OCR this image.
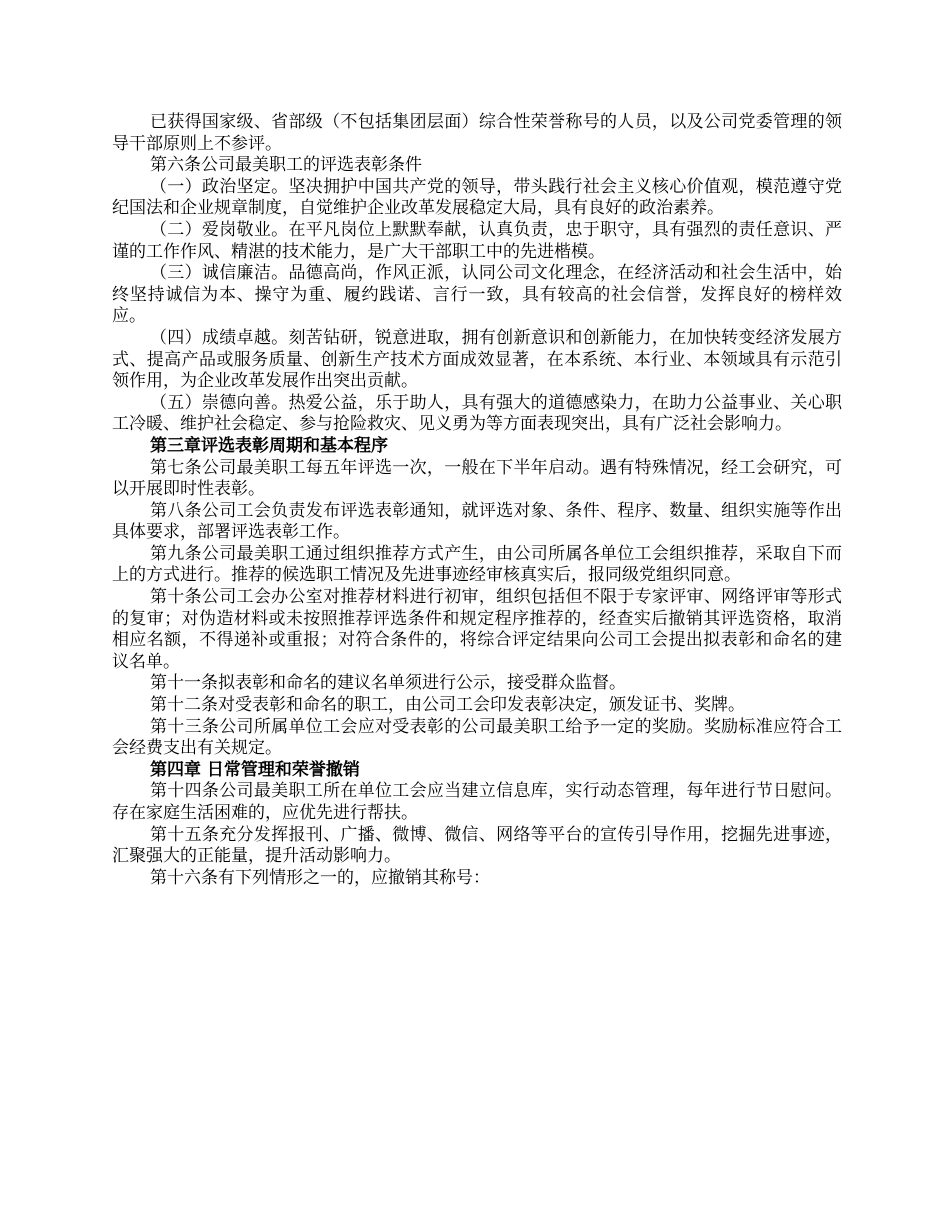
已获得国家级、省部级（不包括集团层面）综合性荣誉称号的人员，以及公司党委管理的领导干部原则上不参评。

第六条公司最美职工的评选表彰条件

（一）政治坚定。坚决拥护中国共产党的领导，带头践行社会主义核心价值观，模范遵守党纪国法和企业规章制度，自觉维护企业改革发展稳定大局，具有良好的政治素养。

（二）爱岗敬业。在平凡岗位上默默奉献，认真负责，忠于职守，具有强烈的责任意识、严谨的工作作风、精湛的技术能力，是广大干部职工中的先进楷模。

（三）诚信廉洁。品德高尚，作风正派，认同公司文化理念，在经济活动和社会生活中，始终坚持诚信为本、操守为重、履约践诺、言行一致，具有较高的社会信誉，发挥良好的榜样效应。

（四）成绩卓越。刻苦钻研，锐意进取，拥有创新意识和创新能力，在加快转变经济发展方式、提高产品或服务质量、创新生产技术方面成效显著，在本系统、本行业、本领域具有示范引领作用，为企业改革发展作出突出贡献。

（五）崇德向善。热爱公益，乐于助人，具有强大的道德感染力，在助力公益事业、关心职工冷暖、维护社会稳定、参与抢险救灾、见义勇为等方面表现突出，具有广泛社会影响力。

第三章评选表彰周期和基本程序

第七条公司最美职工每五年评选一次，一般在下半年启动。遇有特殊情况，经工会研究，可以开展即时性表彰。

第八条公司工会负责发布评选表彰通知，就评选对象、条件、程序、数量、组织实施等作出具体要求，部署评选表彰工作。

第九条公司最美职工通过组织推荐方式产生，由公司所属各单位工会组织推荐，采取自下而上的方式进行。推荐的候选职工情况及先进事迹经审核真实后，报同级党组织同意。

第十条公司工会办公室对推荐材料进行初审，组织包括但不限于专家评审、网络评审等形式的复审；对伪造材料或未按照推荐评选条件和规定程序推荐的，经查实后撤销其评选资格，取消相应名额，不得递补或重报；对符合条件的，将综合评定结果向公司工会提出拟表彰和命名的建议名单。

第十一条拟表彰和命名的建议名单须进行公示，接受群众监督。

第十二条对受表彰和命名的职工，由公司工会印发表彰决定，颁发证书、奖牌。

第十三条公司所属单位工会应对受表彰的公司最美职工给予一定的奖励。奖励标准应符合工会经费支出有关规定。

第四章 日常管理和荣誉撤销

第十四条公司最美职工所在单位工会应当建立信息库，实行动态管理，每年进行节日慰问。存在家庭生活困难的，应优先进行帮扶。

第十五条充分发挥报刊、广播、微博、微信、网络等平台的宣传引导作用，挖掘先进事迹，汇聚强大的正能量，提升活动影响力。

第十六条有下列情形之一的，应撤销其称号：
